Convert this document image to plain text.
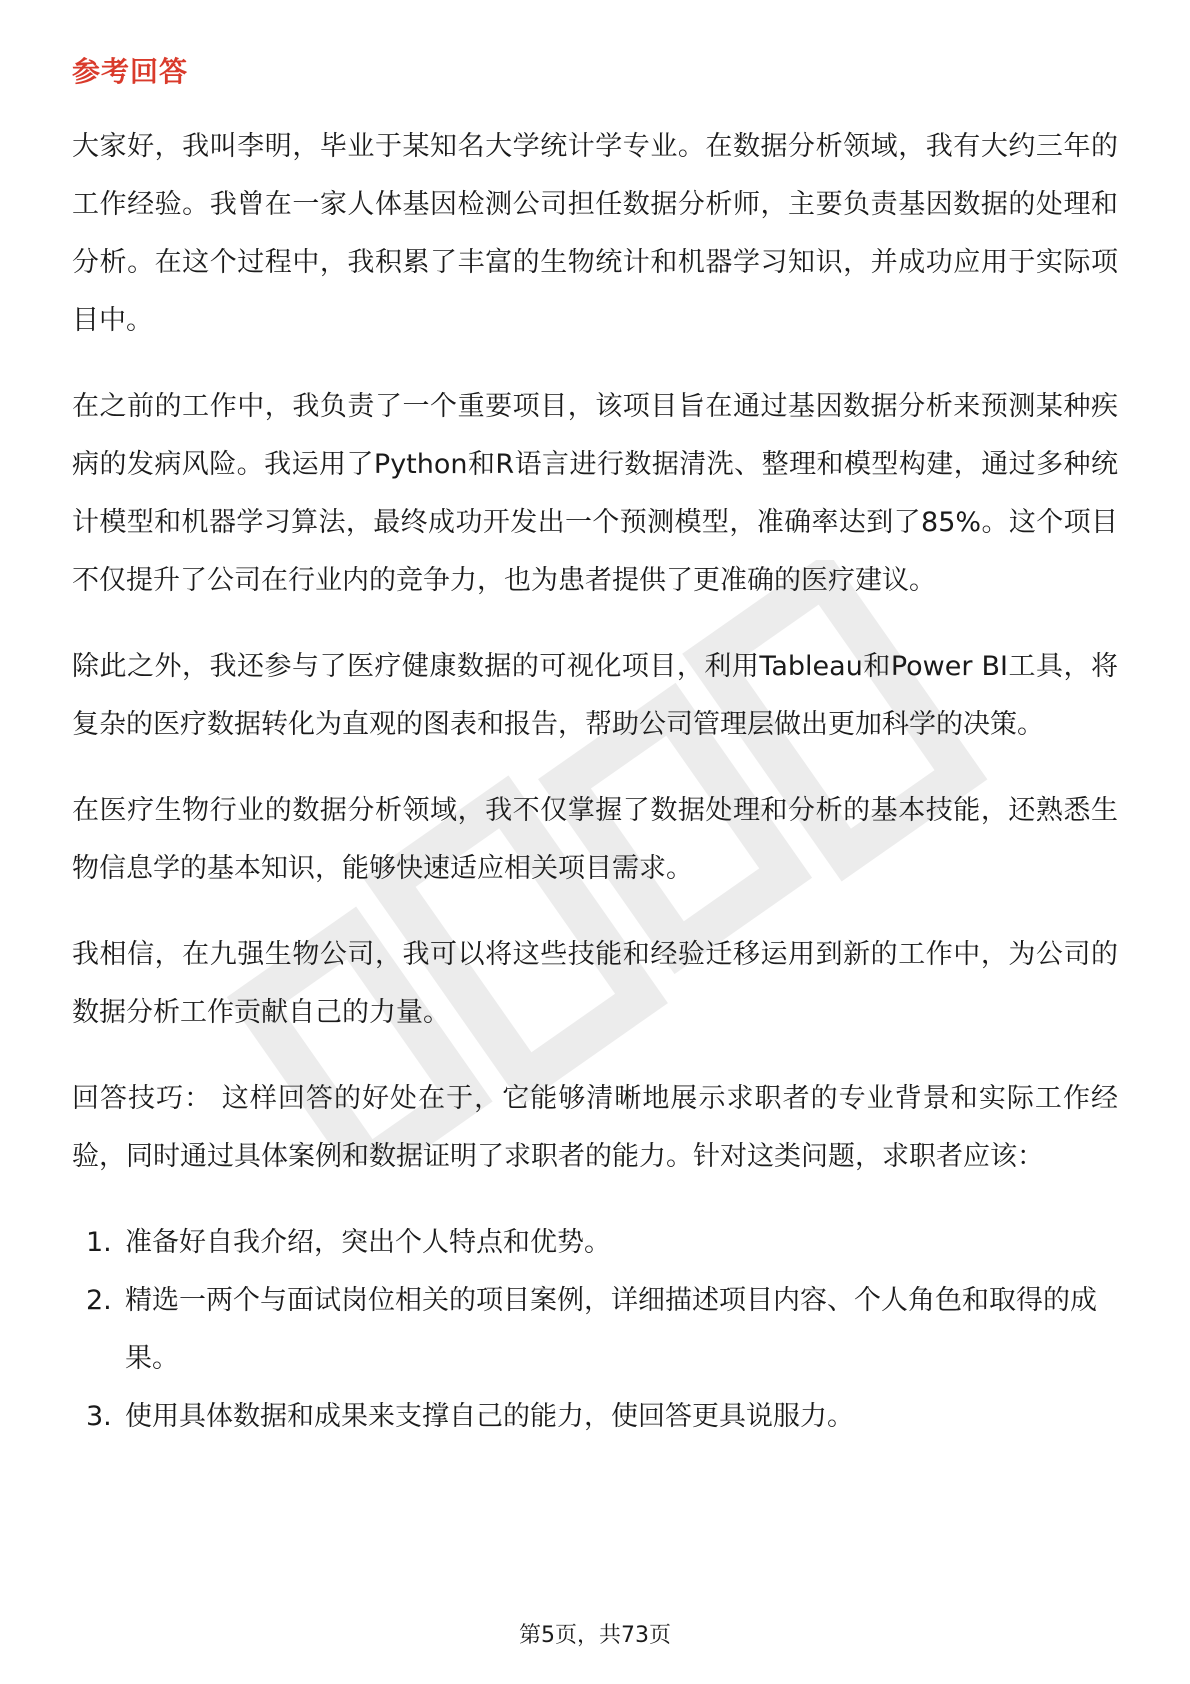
参考回答

大家好，我叫李明，毕业于某知名大学统计学专业。在数据分析领域，我有大约三年的工作经验。我曾在一家人体基因检测公司担任数据分析师，主要负责基因数据的处理和分析。在这个过程中，我积累了丰富的生物统计和机器学习知识，并成功应用于实际项目中。

在之前的工作中，我负责了一个重要项目，该项目旨在通过基因数据分析来预测某种疾病的发病风险。我运用了Python和R语言进行数据清洗、整理和模型构建，通过多种统计模型和机器学习算法，最终成功开发出一个预测模型，准确率达到了85%。这个项目不仅提升了公司在行业内的竞争力，也为患者提供了更准确的医疗建议。

除此之外，我还参与了医疗健康数据的可视化项目，利用Tableau和Power BI工具，将复杂的医疗数据转化为直观的图表和报告，帮助公司管理层做出更加科学的决策。

在医疗生物行业的数据分析领域，我不仅掌握了数据处理和分析的基本技能，还熟悉生物信息学的基本知识，能够快速适应相关项目需求。

我相信，在九强生物公司，我可以将这些技能和经验迁移运用到新的工作中，为公司的数据分析工作贡献自己的力量。

回答技巧： 这样回答的好处在于，它能够清晰地展示求职者的专业背景和实际工作经验，同时通过具体案例和数据证明了求职者的能力。针对这类问题，求职者应该：

1. 准备好自我介绍，突出个人特点和优势。
2. 精选一两个与面试岗位相关的项目案例，详细描述项目内容、个人角色和取得的成果。
3. 使用具体数据和成果来支撑自己的能力，使回答更具说服力。
第5页，共73页
